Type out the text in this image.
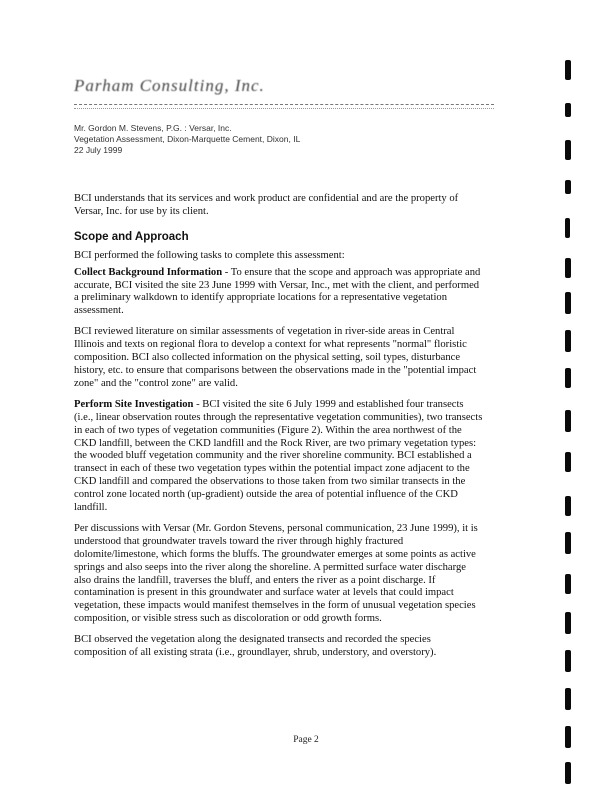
Parham Consulting, Inc.
Mr. Gordon M. Stevens, P.G. : Versar, Inc.
Vegetation Assessment, Dixon-Marquette Cement, Dixon, IL
22 July 1999

BCI understands that its services and work product are confidential and are the property of Versar, Inc. for use by its client.

Scope and Approach

BCI performed the following tasks to complete this assessment:

Collect Background Information - To ensure that the scope and approach was appropriate and accurate, BCI visited the site 23 June 1999 with Versar, Inc., met with the client, and performed a preliminary walkdown to identify appropriate locations for a representative vegetation assessment.

BCI reviewed literature on similar assessments of vegetation in river-side areas in Central Illinois and texts on regional flora to develop a context for what represents "normal" floristic composition. BCI also collected information on the physical setting, soil types, disturbance history, etc. to ensure that comparisons between the observations made in the "potential impact zone" and the "control zone" are valid.

Perform Site Investigation - BCI visited the site 6 July 1999 and established four transects (i.e., linear observation routes through the representative vegetation communities), two transects in each of two types of vegetation communities (Figure 2). Within the area northwest of the CKD landfill, between the CKD landfill and the Rock River, are two primary vegetation types: the wooded bluff vegetation community and the river shoreline community. BCI established a transect in each of these two vegetation types within the potential impact zone adjacent to the CKD landfill and compared the observations to those taken from two similar transects in the control zone located north (up-gradient) outside the area of potential influence of the CKD landfill.

Per discussions with Versar (Mr. Gordon Stevens, personal communication, 23 June 1999), it is understood that groundwater travels toward the river through highly fractured dolomite/limestone, which forms the bluffs. The groundwater emerges at some points as active springs and also seeps into the river along the shoreline. A permitted surface water discharge also drains the landfill, traverses the bluff, and enters the river as a point discharge. If contamination is present in this groundwater and surface water at levels that could impact vegetation, these impacts would manifest themselves in the form of unusual vegetation species composition, or visible stress such as discoloration or odd growth forms.

BCI observed the vegetation along the designated transects and recorded the species composition of all existing strata (i.e., groundlayer, shrub, understory, and overstory).

Page 2
